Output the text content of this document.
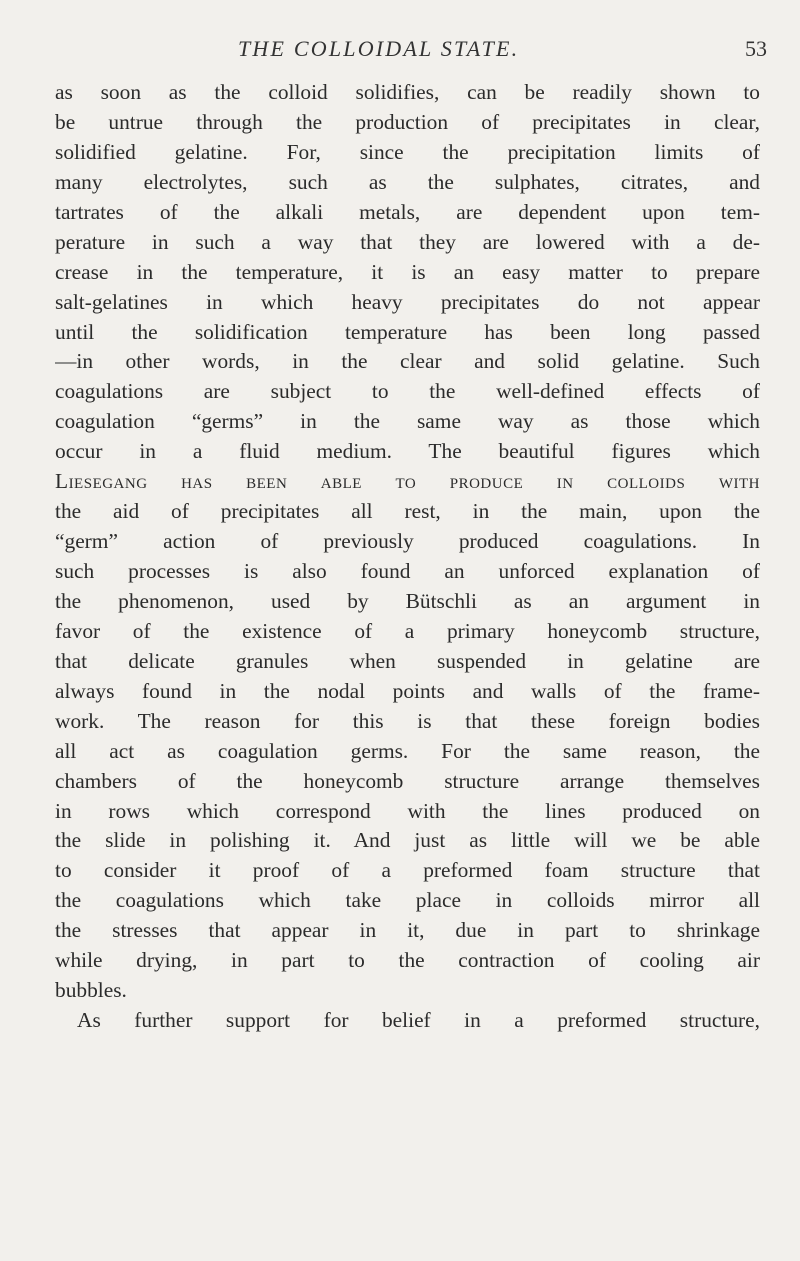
THE COLLOIDAL STATE.	53
as soon as the colloid solidifies, can be readily shown to
be untrue through the production of precipitates in clear,
solidified gelatine. For, since the precipitation limits of
many electrolytes, such as the sulphates, citrates, and
tartrates of the alkali metals, are dependent upon tem-
perature in such a way that they are lowered with a de-
crease in the temperature, it is an easy matter to prepare
salt-gelatines in which heavy precipitates do not appear
until the solidification temperature has been long passed
—in other words, in the clear and solid gelatine. Such
coagulations are subject to the well-defined effects of
coagulation “germs” in the same way as those which
occur in a fluid medium. The beautiful figures which
Liesegang has been able to produce in colloids with
the aid of precipitates all rest, in the main, upon the
“germ” action of previously produced coagulations. In
such processes is also found an unforced explanation of
the phenomenon, used by Bütschli as an argument in
favor of the existence of a primary honeycomb structure,
that delicate granules when suspended in gelatine are
always found in the nodal points and walls of the frame-
work. The reason for this is that these foreign bodies
all act as coagulation germs. For the same reason, the
chambers of the honeycomb structure arrange themselves
in rows which correspond with the lines produced on
the slide in polishing it. And just as little will we be able
to consider it proof of a preformed foam structure that
the coagulations which take place in colloids mirror all
the stresses that appear in it, due in part to shrinkage
while drying, in part to the contraction of cooling air
bubbles.
As further support for belief in a preformed structure,
